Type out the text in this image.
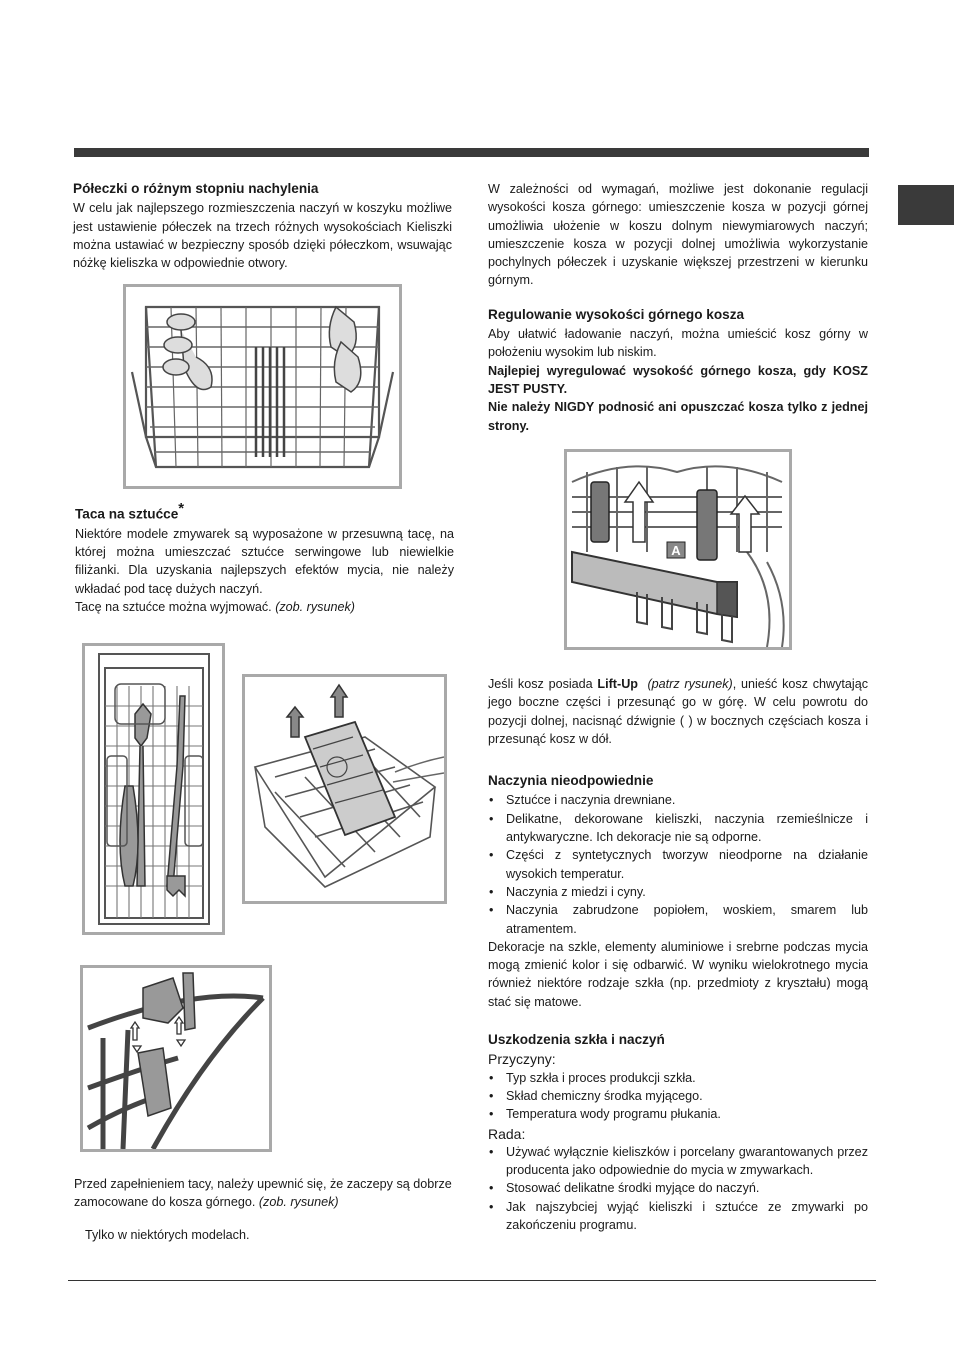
Półeczki o różnym stopniu nachylenia

W celu jak najlepszego rozmieszczenia naczyń w koszyku możliwe jest ustawienie półeczek na trzech różnych wysokościach Kieliszki można ustawiać w bezpieczny sposób dzięki półeczkom, wsuwając nóżkę kieliszka w odpowiednie otwory.

Taca na sztućce*

Niektóre modele zmywarek są wyposażone w przesuwną tacę, na której można umieszczać sztućce serwingowe lub niewielkie filiżanki. Dla uzyskania najlepszych efektów mycia, nie należy wkładać pod tacę dużych naczyń.

Tacę na sztućce można wyjmować. (zob. rysunek)

Przed zapełnieniem tacy, należy upewnić się, że zaczepy są dobrze zamocowane do kosza górnego. (zob. rysunek)

Tylko w niektórych modelach.

W zależności od wymagań, możliwe jest dokonanie regulacji wysokości kosza górnego: umieszczenie kosza w pozycji górnej umożliwia ułożenie w koszu dolnym niewymiarowych naczyń; umieszczenie kosza w pozycji dolnej umożliwia wykorzystanie pochylnych półeczek i uzyskanie większej przestrzeni w kierunku górnym.

Regulowanie wysokości górnego kosza

Aby ułatwić ładowanie naczyń, można umieścić kosz górny w położeniu wysokim lub niskim.

Najlepiej wyregulować wysokość górnego kosza, gdy KOSZ JEST PUSTY.

Nie należy NIGDY podnosić ani opuszczać kosza tylko z jednej strony.

A

Jeśli kosz posiada Lift-Up (patrz rysunek), unieść kosz chwytając jego boczne części i przesunąć go w górę. W celu powrotu do pozycji dolnej, nacisnąć dźwignie ( ) w bocznych częściach kosza i przesunąć kosz w dół.

Naczynia nieodpowiednie
• Sztućce i naczynia drewniane.
• Delikatne, dekorowane kieliszki, naczynia rzemieślnicze i antykwaryczne. Ich dekoracje nie są odporne.
• Części z syntetycznych tworzyw nieodporne na działanie wysokich temperatur.
• Naczynia z miedzi i cyny.
• Naczynia zabrudzone popiołem, woskiem, smarem lub atramentem.

Dekoracje na szkle, elementy aluminiowe i srebrne podczas mycia mogą zmienić kolor i się odbarwić. W wyniku wielokrotnego mycia również niektóre rodzaje szkła (np. przedmioty z kryształu) mogą stać się matowe.

Uszkodzenia szkła i naczyń
Przyczyny:
• Typ szkła i proces produkcji szkła.
• Skład chemiczny środka myjącego.
• Temperatura wody programu płukania.
Rada:
• Używać wyłącznie kieliszków i porcelany gwarantowanych przez producenta jako odpowiednie do mycia w zmywarkach.
• Stosować delikatne środki myjące do naczyń.
• Jak najszybciej wyjąć kieliszki i sztućce ze zmywarki po zakończeniu programu.
